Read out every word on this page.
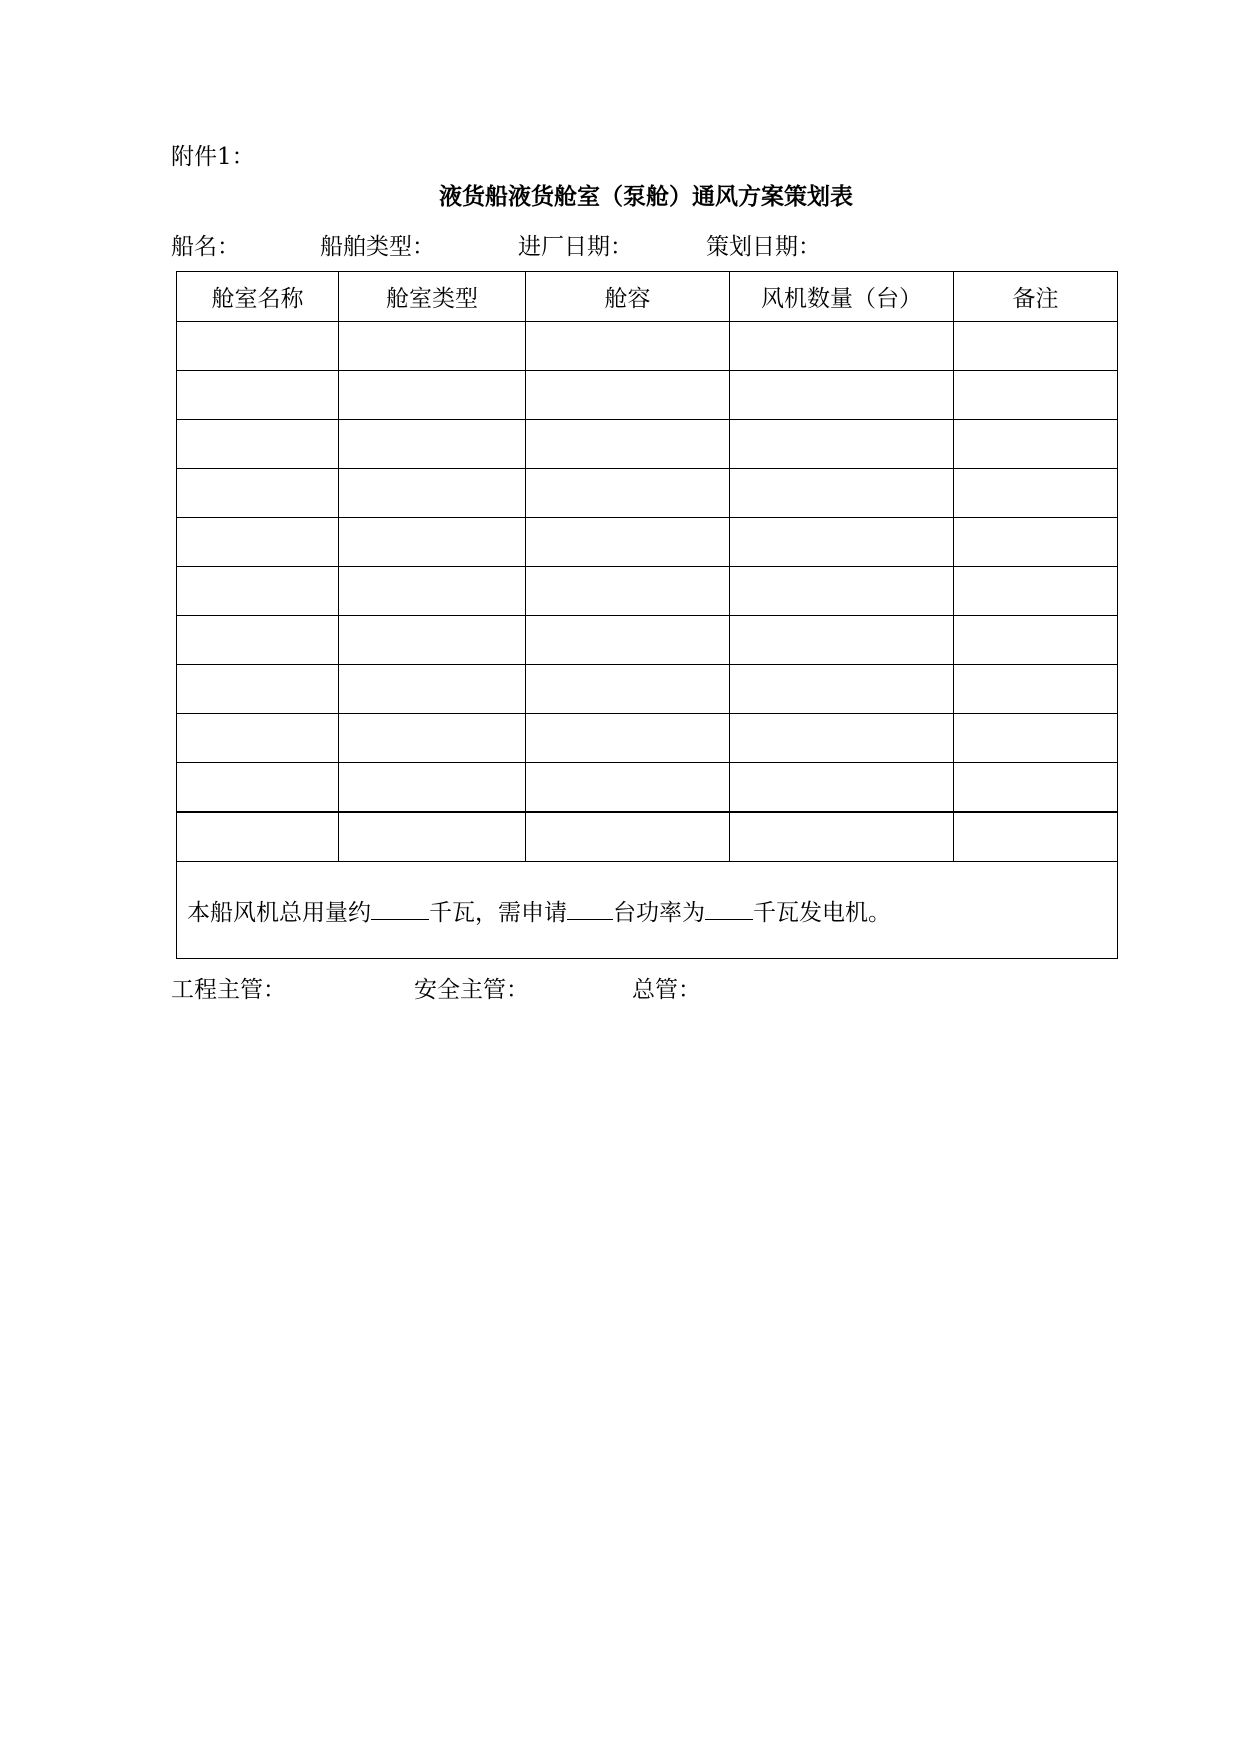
附件1：
液货船液货舱室（泵舱）通风方案策划表
船名：	船舶类型：	进厂日期：	策划日期：
舱室名称	舱室类型	舱容	风机数量（台）	备注

本船风机总用量约 千瓦，需申请 台功率为 千瓦发电机。				
工程主管：	安全主管：	总管：
